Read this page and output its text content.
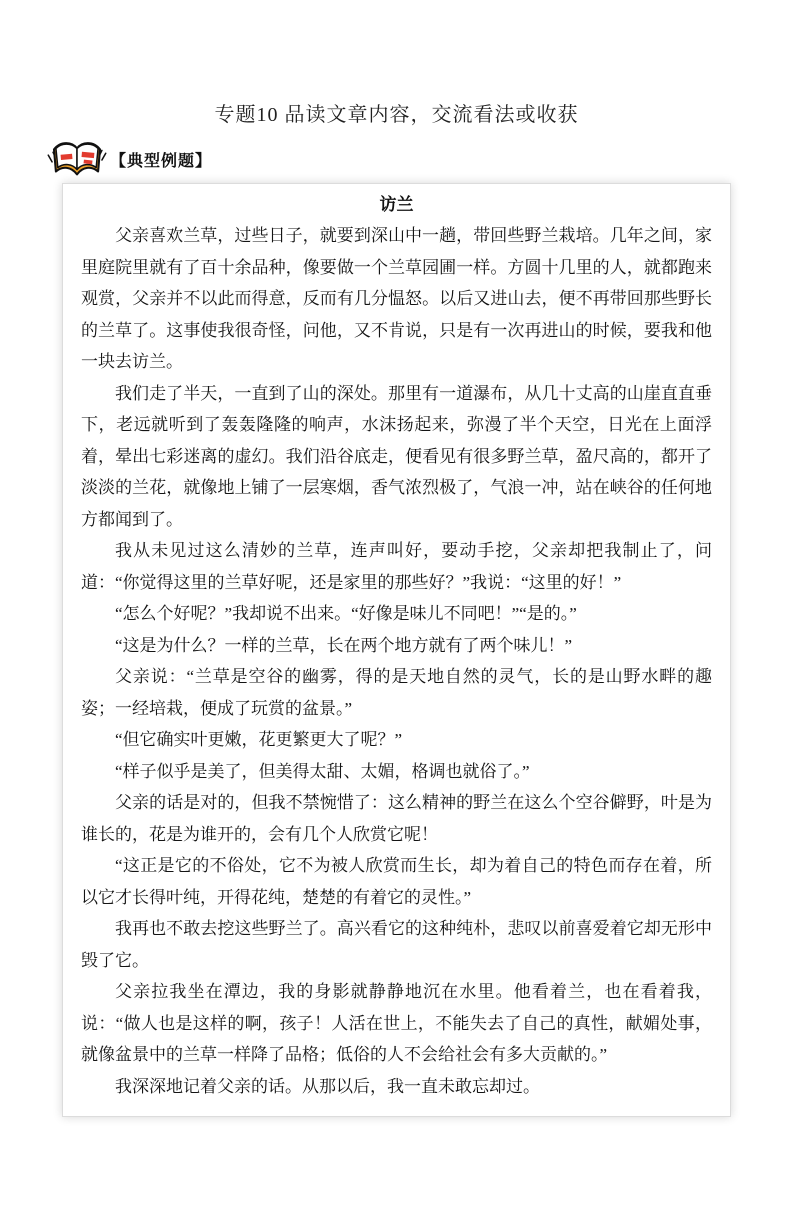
专题10 品读文章内容，交流看法或收获
【典型例题】
访兰

父亲喜欢兰草，过些日子，就要到深山中一趟，带回些野兰栽培。几年之间，家里庭院里就有了百十余品种，像要做一个兰草园圃一样。方圆十几里的人，就都跑来观赏，父亲并不以此而得意，反而有几分愠怒。以后又进山去，便不再带回那些野长的兰草了。这事使我很奇怪，问他，又不肯说，只是有一次再进山的时候，要我和他一块去访兰。

我们走了半天，一直到了山的深处。那里有一道瀑布，从几十丈高的山崖直直垂下，老远就听到了轰轰隆隆的响声，水沫扬起来，弥漫了半个天空，日光在上面浮着，晕出七彩迷离的虚幻。我们沿谷底走，便看见有很多野兰草，盈尺高的，都开了淡淡的兰花，就像地上铺了一层寒烟，香气浓烈极了，气浪一冲，站在峡谷的任何地方都闻到了。

我从未见过这么清妙的兰草，连声叫好，要动手挖，父亲却把我制止了，问道：“你觉得这里的兰草好呢，还是家里的那些好？”我说：“这里的好！”

“怎么个好呢？”我却说不出来。“好像是味儿不同吧！”“是的。”

“这是为什么？一样的兰草，长在两个地方就有了两个味儿！”

父亲说：“兰草是空谷的幽雾，得的是天地自然的灵气，长的是山野水畔的趣姿；一经培栽，便成了玩赏的盆景。”

“但它确实叶更嫩，花更繁更大了呢？”

“样子似乎是美了，但美得太甜、太媚，格调也就俗了。”

父亲的话是对的，但我不禁惋惜了：这么精神的野兰在这么个空谷僻野，叶是为谁长的，花是为谁开的，会有几个人欣赏它呢！

“这正是它的不俗处，它不为被人欣赏而生长，却为着自己的特色而存在着，所以它才长得叶纯，开得花纯，楚楚的有着它的灵性。”

我再也不敢去挖这些野兰了。高兴看它的这种纯朴，悲叹以前喜爱着它却无形中毁了它。

父亲拉我坐在潭边，我的身影就静静地沉在水里。他看着兰，也在看着我，说：“做人也是这样的啊，孩子！人活在世上，不能失去了自己的真性，献媚处事，就像盆景中的兰草一样降了品格；低俗的人不会给社会有多大贡献的。”

我深深地记着父亲的话。从那以后，我一直未敢忘却过。
